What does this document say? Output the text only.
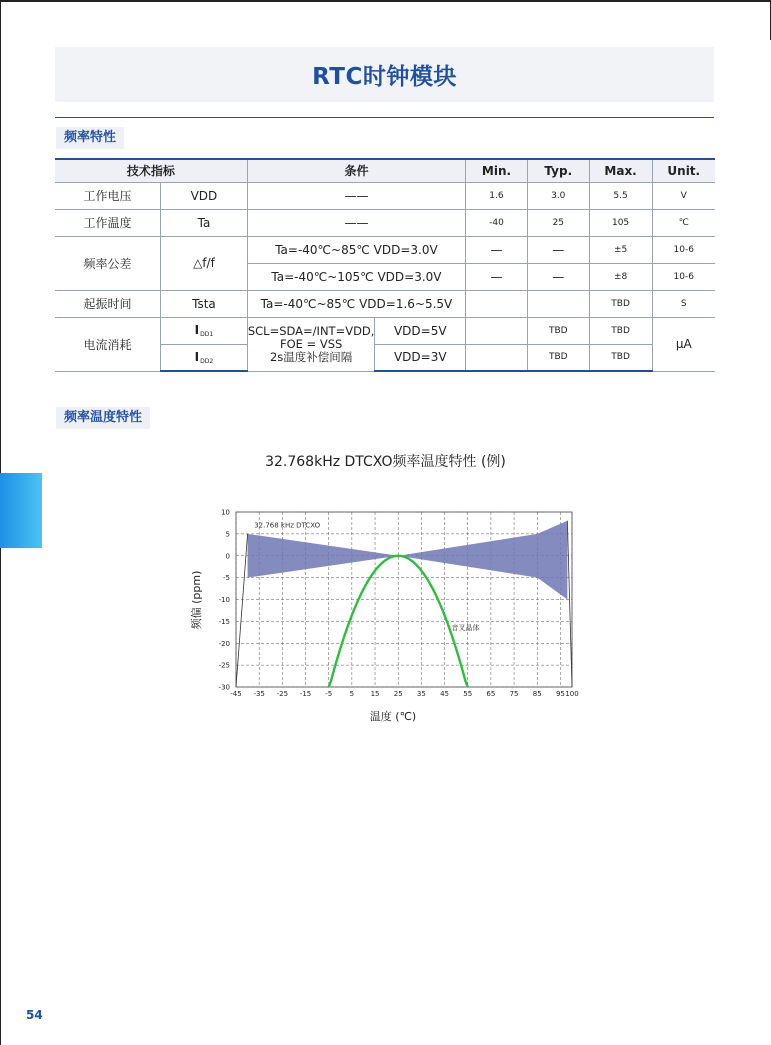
RTC时钟模块
频率特性
技术指标		条件		Min.	Typ.	Max.	Unit.
工作电压	VDD	——		1.6	3.0	5.5	V
工作温度	Ta	——		-40	25	105	℃
频率公差	△f/f	Ta=-40℃~85℃ VDD=3.0V		—	—	±5	10-6
		Ta=-40℃~105℃ VDD=3.0V		—	—	±8	10-6
起振时间	Tsta	Ta=-40℃~85℃ VDD=1.6~5.5V				TBD	S
电流消耗	$I_{DD1}$	SCL=SDA=/INT=VDD,
FOE = VSS
2s温度补偿间隔	VDD=5V		TBD	TBD	μA
	$I_{DD2}$		VDD=3V		TBD	TBD	
频率温度特性
32.768kHz DTCXO频率温度特性 (例)
-45 -35 -25 -15 -5 5 15 25 35 45 55 65 75 85 95 100
10
5
0
-5
-10
-15
-20
-25
-30
频偏 (ppm)
温度 (℃)
32.768 kHz DTCXO
音叉晶体
54
